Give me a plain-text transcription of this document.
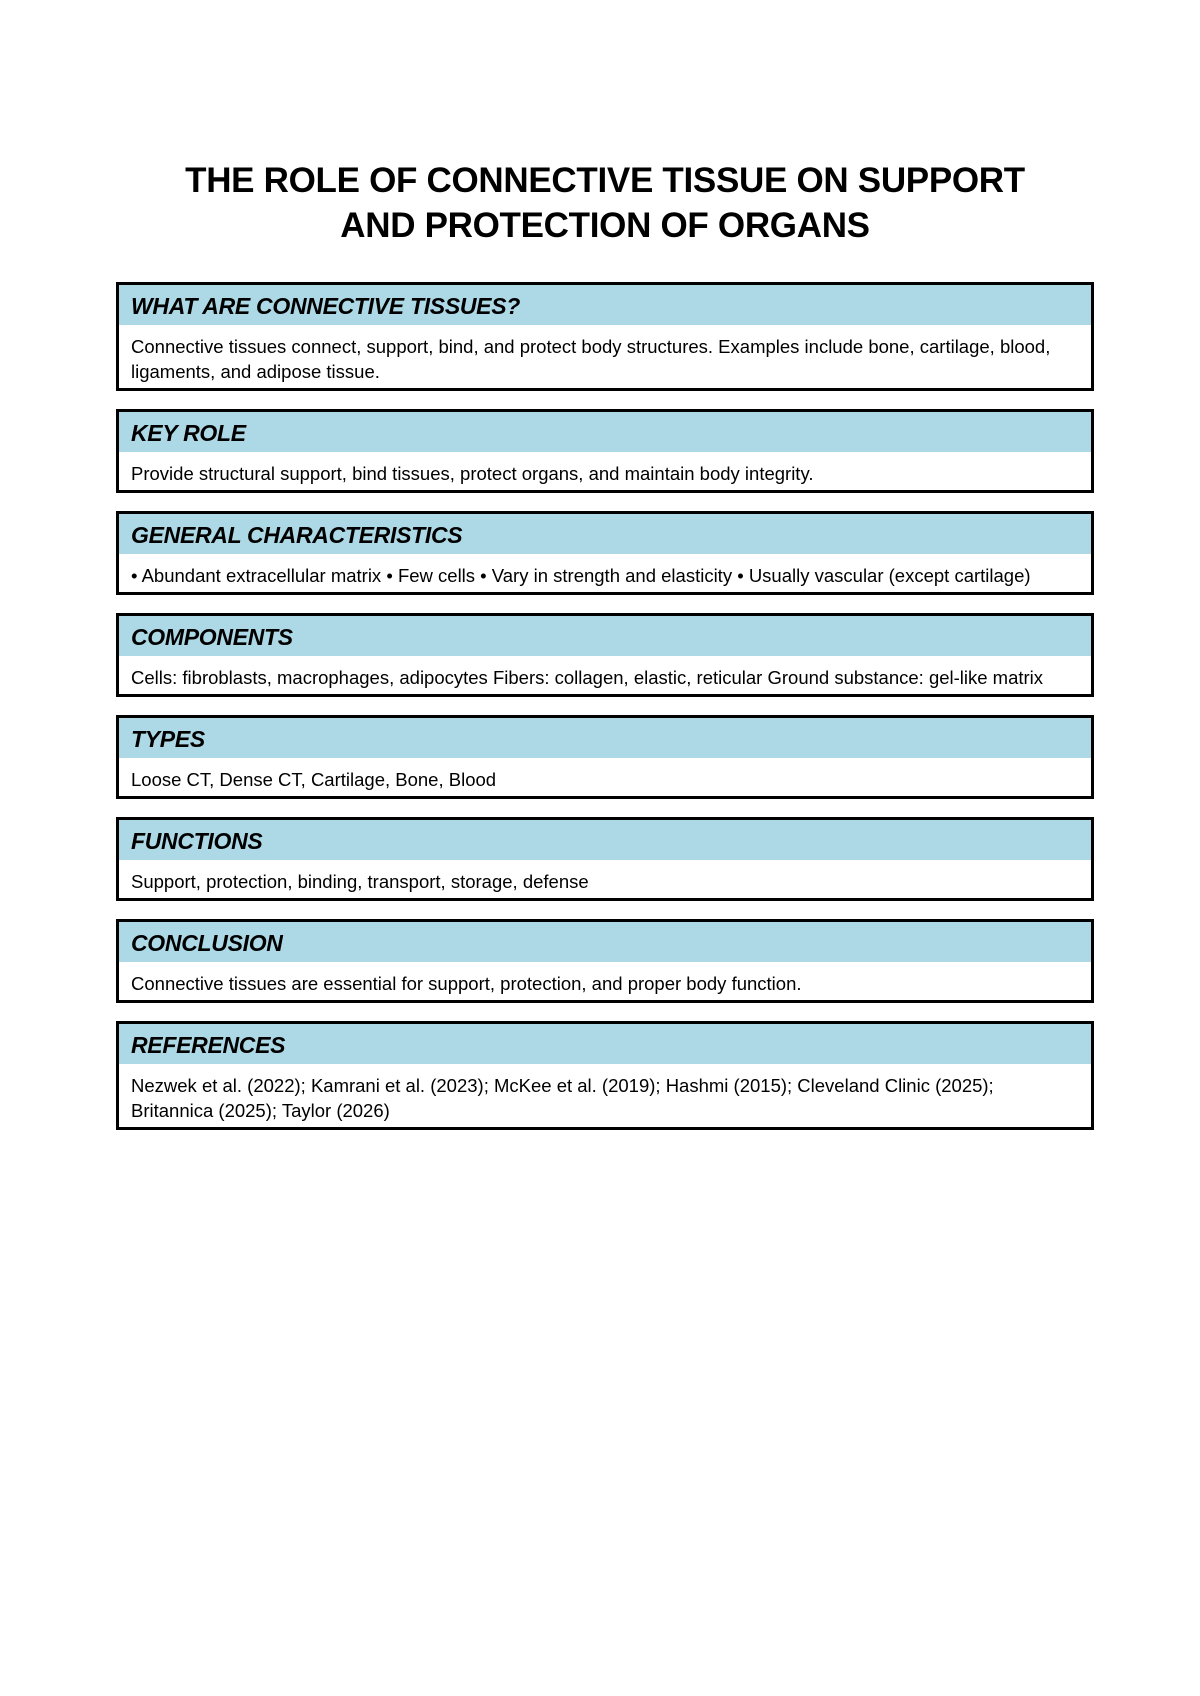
THE ROLE OF CONNECTIVE TISSUE ON SUPPORT
AND PROTECTION OF ORGANS
WHAT ARE CONNECTIVE TISSUES?
Connective tissues connect, support, bind, and protect body structures. Examples include bone, cartilage, blood, ligaments, and adipose tissue.
KEY ROLE
Provide structural support, bind tissues, protect organs, and maintain body integrity.
GENERAL CHARACTERISTICS
• Abundant extracellular matrix • Few cells • Vary in strength and elasticity • Usually vascular (except cartilage)
COMPONENTS
Cells: fibroblasts, macrophages, adipocytes Fibers: collagen, elastic, reticular Ground substance: gel-like matrix
TYPES
Loose CT, Dense CT, Cartilage, Bone, Blood
FUNCTIONS
Support, protection, binding, transport, storage, defense
CONCLUSION
Connective tissues are essential for support, protection, and proper body function.
REFERENCES
Nezwek et al. (2022); Kamrani et al. (2023); McKee et al. (2019); Hashmi (2015); Cleveland Clinic (2025); Britannica (2025); Taylor (2026)
